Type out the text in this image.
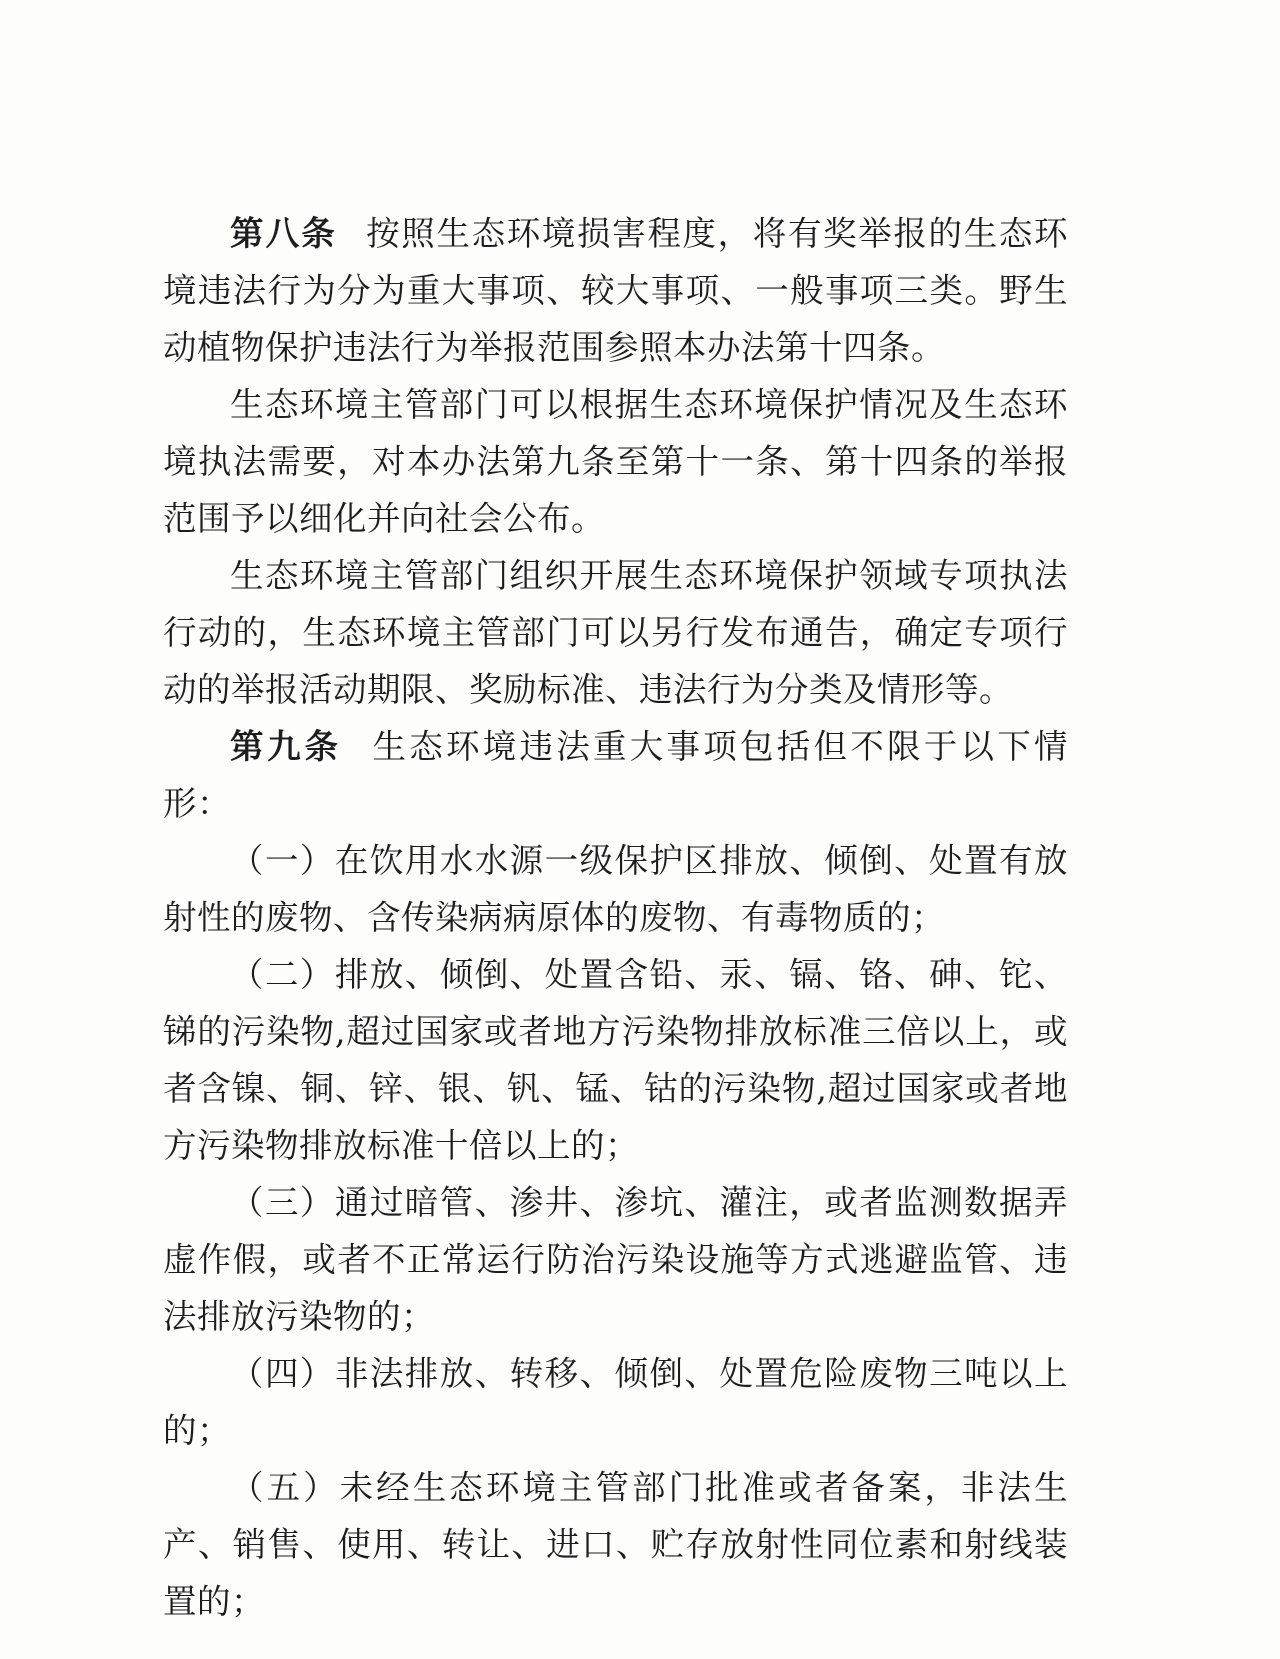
第八条 按照生态环境损害程度，将有奖举报的生态环境违法行为分为重大事项、较大事项、一般事项三类。野生动植物保护违法行为举报范围参照本办法第十四条。

生态环境主管部门可以根据生态环境保护情况及生态环境执法需要，对本办法第九条至第十一条、第十四条的举报范围予以细化并向社会公布。

生态环境主管部门组织开展生态环境保护领域专项执法行动的，生态环境主管部门可以另行发布通告，确定专项行动的举报活动期限、奖励标准、违法行为分类及情形等。

第九条 生态环境违法重大事项包括但不限于以下情形：

（一）在饮用水水源一级保护区排放、倾倒、处置有放射性的废物、含传染病病原体的废物、有毒物质的；

（二）排放、倾倒、处置含铅、汞、镉、铬、砷、铊、锑的污染物,超过国家或者地方污染物排放标准三倍以上，或者含镍、铜、锌、银、钒、锰、钴的污染物,超过国家或者地方污染物排放标准十倍以上的；

（三）通过暗管、渗井、渗坑、灌注，或者监测数据弄虚作假，或者不正常运行防治污染设施等方式逃避监管、违法排放污染物的；

（四）非法排放、转移、倾倒、处置危险废物三吨以上的；

（五）未经生态环境主管部门批准或者备案，非法生产、销售、使用、转让、进口、贮存放射性同位素和射线装置的；
